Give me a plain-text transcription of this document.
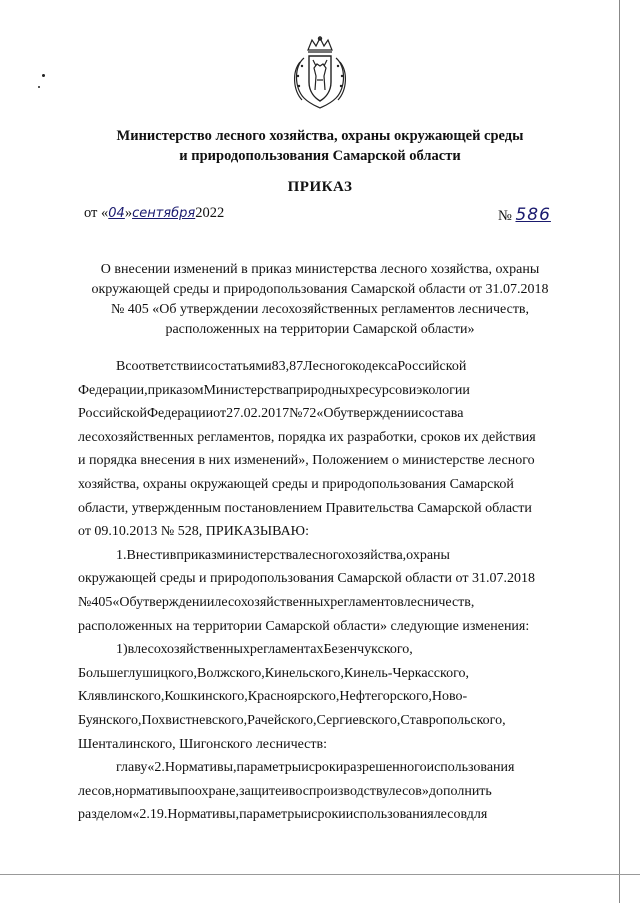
Министерство лесного хозяйства, охраны окружающей среды
и природопользования Самарской области
ПРИКАЗ
от «04»сентября2022	№ 586
О внесении изменений в приказ министерства лесного хозяйства, охраны
окружающей среды и природопользования Самарской области от 31.07.2018
№ 405 «Об утверждении лесохозяйственных регламентов лесничеств,
расположенных на территории Самарской области»
Всоответствиисостатьями83,87ЛесногокодексаРоссийской
Федерации,приказомМинистерстваприродныхресурсовиэкологии
РоссийскойФедерацииот27.02.2017№72«Обутверждениисостава
лесохозяйственных регламентов, порядка их разработки, сроков их действия
и порядка внесения в них изменений», Положением о министерстве лесного
хозяйства, охраны окружающей среды и природопользования Самарской
области, утвержденным постановлением Правительства Самарской области
от 09.10.2013 № 528, ПРИКАЗЫВАЮ:
1.Внестивприказминистерствалесногохозяйства,охраны
окружающей среды и природопользования Самарской области от 31.07.2018
№405«Обутверждениилесохозяйственныхрегламентовлесничеств,
расположенных на территории Самарской области» следующие изменения:
1)влесохозяйственныхрегламентахБезенчукского,
Большеглушицкого,Волжского,Кинельского,Кинель-Черкасского,
Клявлинского,Кошкинского,Красноярского,Нефтегорского,Ново-
Буянского,Похвистневского,Рачейского,Сергиевского,Ставропольского,
Шенталинского, Шигонского лесничеств:
главу«2.Нормативы,параметрыисрокиразрешенногоиспользования
лесов,нормативыпоохране,защитеивоспроизводствулесов»дополнить
разделом«2.19.Нормативы,параметрыисрокииспользованиялесовдля
